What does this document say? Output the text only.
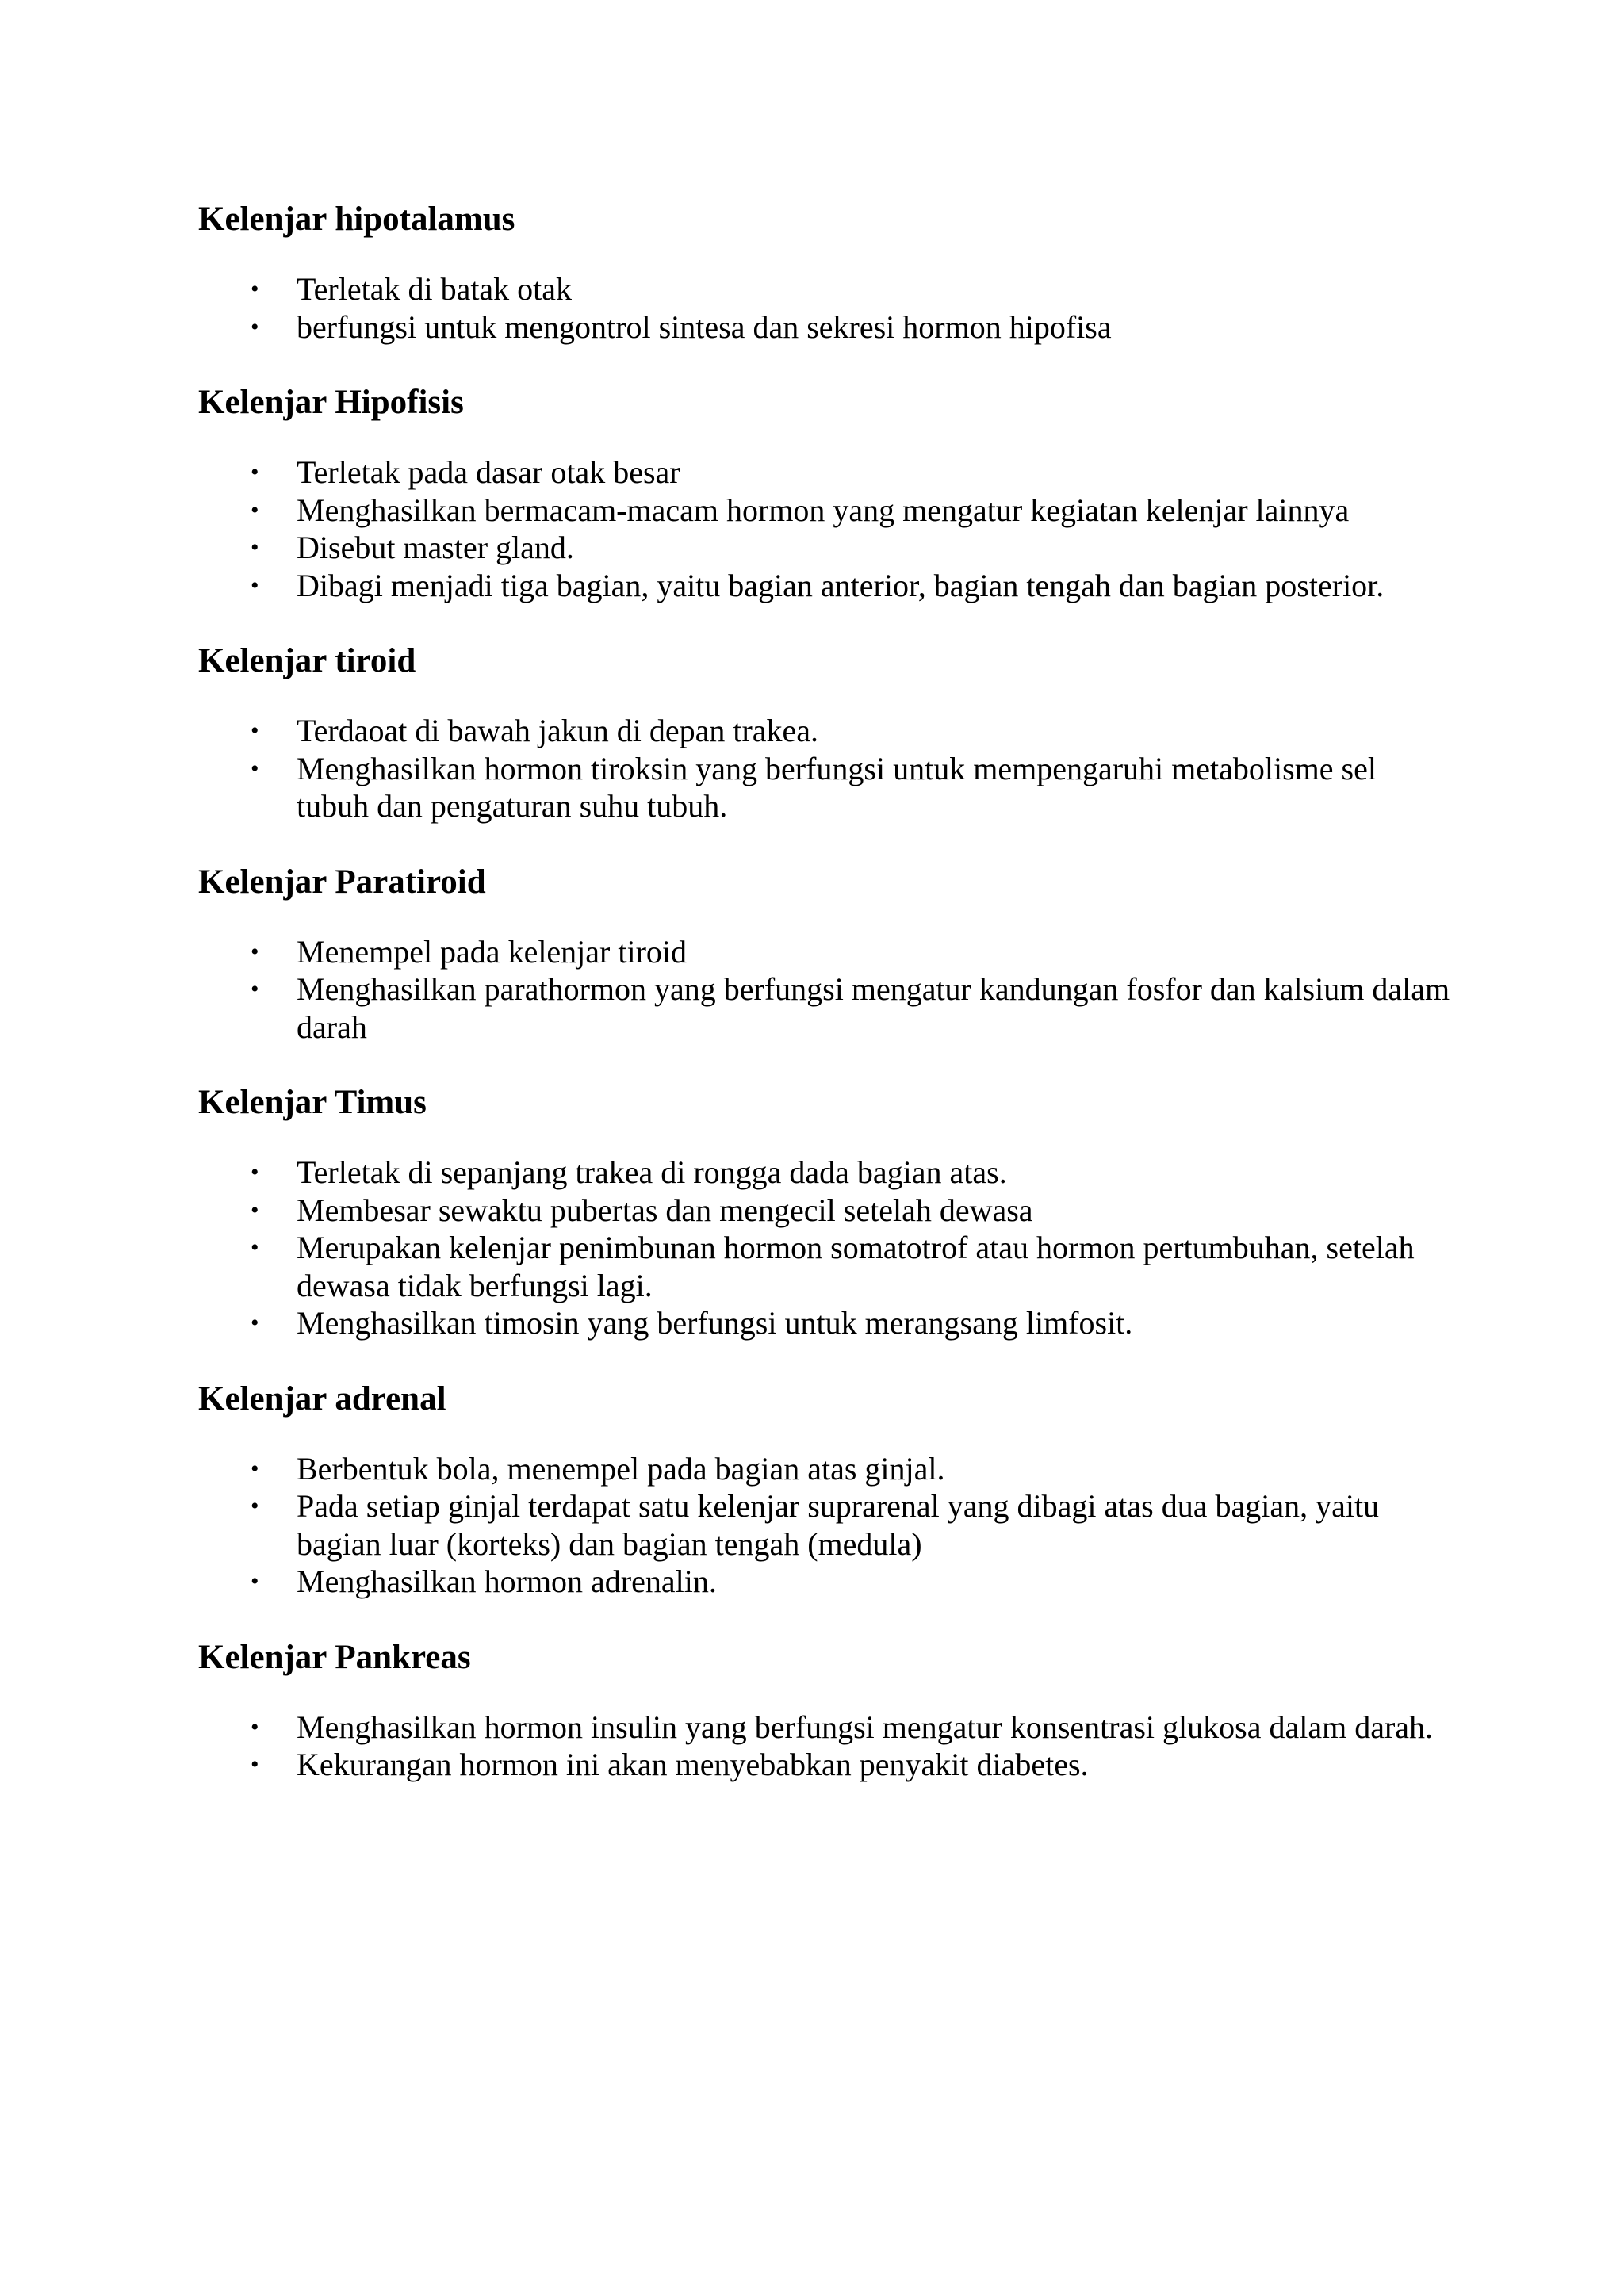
Kelenjar hipotalamus
• Terletak di batak otak
• berfungsi untuk mengontrol sintesa dan sekresi hormon hipofisa
Kelenjar Hipofisis
• Terletak pada dasar otak besar
• Menghasilkan bermacam-macam hormon yang mengatur kegiatan kelenjar lainnya
• Disebut master gland.
• Dibagi menjadi tiga bagian, yaitu bagian anterior, bagian tengah dan bagian posterior.
Kelenjar tiroid
• Terdaoat di bawah jakun di depan trakea.
• Menghasilkan hormon tiroksin yang berfungsi untuk mempengaruhi metabolisme sel tubuh dan pengaturan suhu tubuh.
Kelenjar Paratiroid
• Menempel pada kelenjar tiroid
• Menghasilkan parathormon yang berfungsi mengatur kandungan fosfor dan kalsium dalam darah
Kelenjar Timus
• Terletak di sepanjang trakea di rongga dada bagian atas.
• Membesar sewaktu pubertas dan mengecil setelah dewasa
• Merupakan kelenjar penimbunan hormon somatotrof atau hormon pertumbuhan, setelah dewasa tidak berfungsi lagi.
• Menghasilkan timosin yang berfungsi untuk merangsang limfosit.
Kelenjar adrenal
• Berbentuk bola, menempel pada bagian atas ginjal.
• Pada setiap ginjal terdapat satu kelenjar suprarenal yang dibagi atas dua bagian, yaitu bagian luar (korteks) dan bagian tengah (medula)
• Menghasilkan hormon adrenalin.
Kelenjar Pankreas
• Menghasilkan hormon insulin yang berfungsi mengatur konsentrasi glukosa dalam darah.
• Kekurangan hormon ini akan menyebabkan penyakit diabetes.
